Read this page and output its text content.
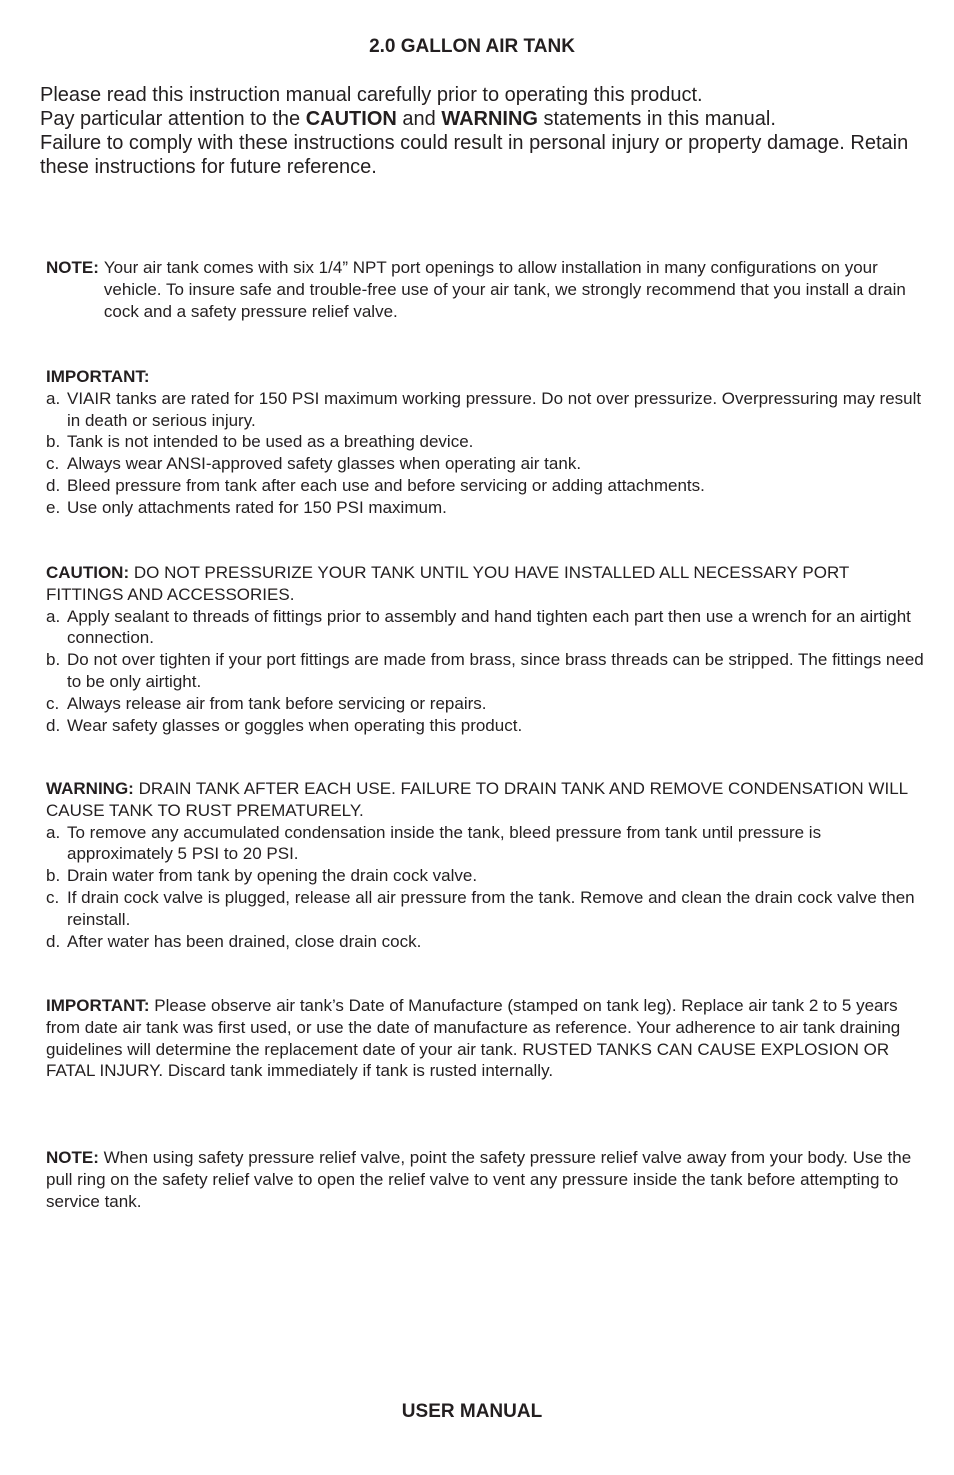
2.0 GALLON AIR TANK

Please read this instruction manual carefully prior to operating this product.

Pay particular attention to the CAUTION and WARNING statements in this manual.

Failure to comply with these instructions could result in personal injury or property damage. Retain these instructions for future reference.

NOTE: Your air tank comes with six 1/4” NPT port openings to allow installation in many configurations on your vehicle. To insure safe and trouble-free use of your air tank, we strongly recommend that you install a drain cock and a safety pressure relief valve.
IMPORTANT:
a. VIAIR tanks are rated for 150 PSI maximum working pressure. Do not over pressurize. Overpressuring may result in death or serious injury.
b. Tank is not intended to be used as a breathing device.
c. Always wear ANSI-approved safety glasses when operating air tank.
d. Bleed pressure from tank after each use and before servicing or adding attachments.
e. Use only attachments rated for 150 PSI maximum.

CAUTION: DO NOT PRESSURIZE YOUR TANK UNTIL YOU HAVE INSTALLED ALL NECESSARY PORT FITTINGS AND ACCESSORIES.

a. Apply sealant to threads of fittings prior to assembly and hand tighten each part then use a wrench for an airtight connection.
b. Do not over tighten if your port fittings are made from brass, since brass threads can be stripped. The fittings need to be only airtight.
c. Always release air from tank before servicing or repairs.
d. Wear safety glasses or goggles when operating this product.

WARNING: DRAIN TANK AFTER EACH USE. FAILURE TO DRAIN TANK AND REMOVE CONDENSATION WILL CAUSE TANK TO RUST PREMATURELY.

a. To remove any accumulated condensation inside the tank, bleed pressure from tank until pressure is approximately 5 PSI to 20 PSI.
b. Drain water from tank by opening the drain cock valve.
c. If drain cock valve is plugged, release all air pressure from the tank. Remove and clean the drain cock valve then reinstall.
d. After water has been drained, close drain cock.

IMPORTANT: Please observe air tank’s Date of Manufacture (stamped on tank leg). Replace air tank 2 to 5 years from date air tank was first used, or use the date of manufacture as reference. Your adherence to air tank draining guidelines will determine the replacement date of your air tank. RUSTED TANKS CAN CAUSE EXPLOSION OR FATAL INJURY. Discard tank immediately if tank is rusted internally.

NOTE: When using safety pressure relief valve, point the safety pressure relief valve away from your body. Use the pull ring on the safety relief valve to open the relief valve to vent any pressure inside the tank before attempting to service tank.

USER MANUAL
